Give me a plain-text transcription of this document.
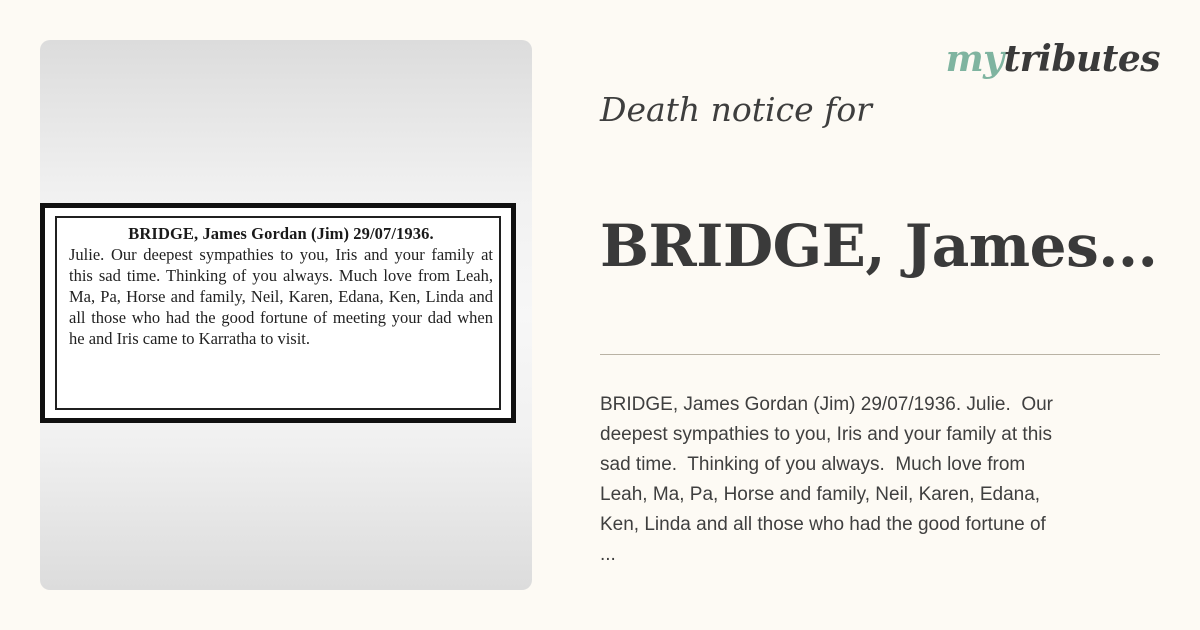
BRIDGE, James Gordan (Jim) 29/07/1936.

Julie. Our deepest sympathies to you, Iris and your family at this sad time. Thinking of you always. Much love from Leah, Ma, Pa, Horse and family, Neil, Karen, Edana, Ken, Linda and all those who had the good fortune of meeting your dad when he and Iris came to Karratha to visit.

mytributes

Death notice for

BRIDGE, James...

BRIDGE, James Gordan (Jim) 29/07/1936. Julie.  Our
deepest sympathies to you, Iris and your family at this
sad time.  Thinking of you always.  Much love from
Leah, Ma, Pa, Horse and family, Neil, Karen, Edana,
Ken, Linda and all those who had the good fortune of
...
